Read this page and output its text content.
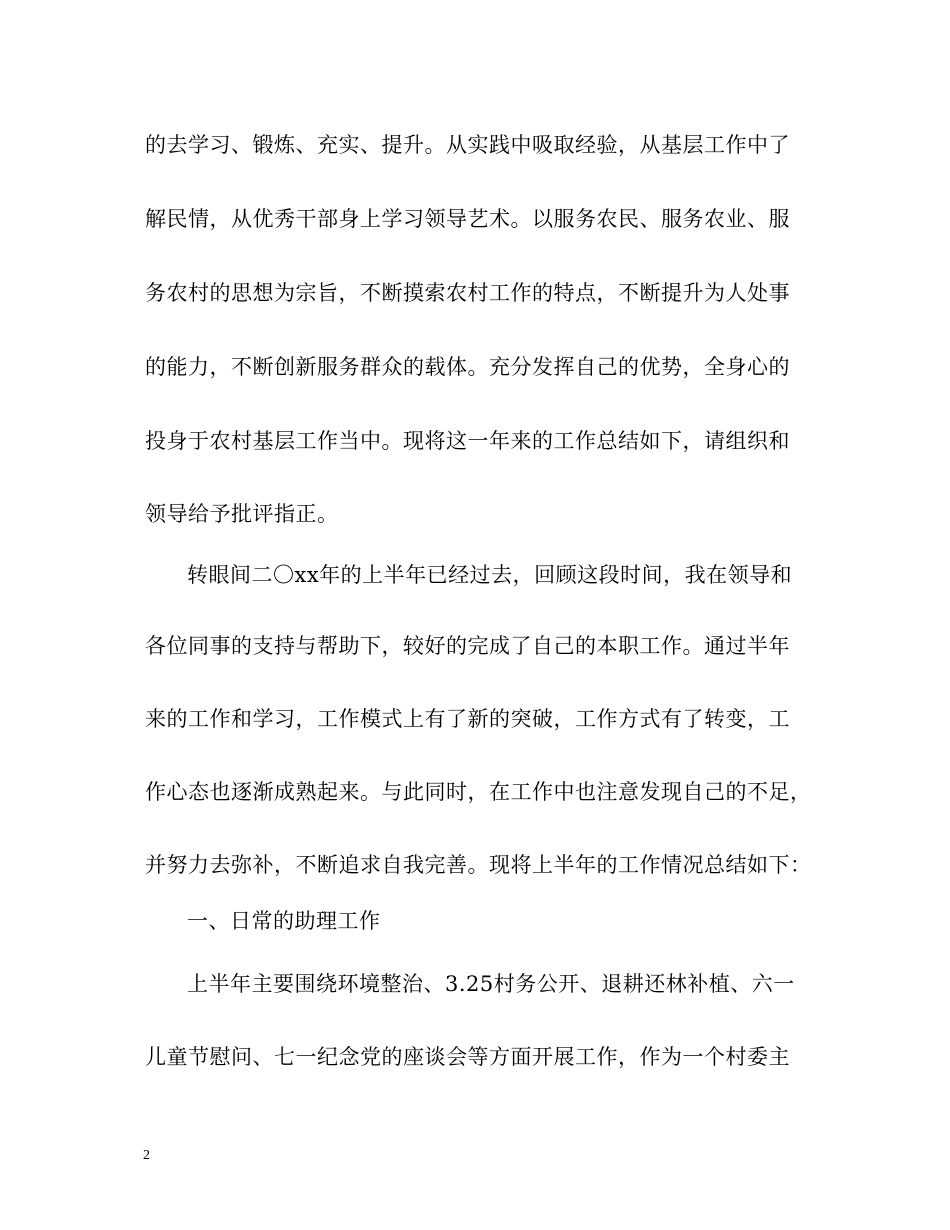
的去学习、锻炼、充实、提升。从实践中吸取经验，从基层工作中了
解民情，从优秀干部身上学习领导艺术。以服务农民、服务农业、服
务农村的思想为宗旨，不断摸索农村工作的特点，不断提升为人处事
的能力，不断创新服务群众的载体。充分发挥自己的优势，全身心的
投身于农村基层工作当中。现将这一年来的工作总结如下，请组织和
领导给予批评指正。
转眼间二〇xx年的上半年已经过去，回顾这段时间，我在领导和
各位同事的支持与帮助下，较好的完成了自己的本职工作。通过半年
来的工作和学习，工作模式上有了新的突破，工作方式有了转变，工
作心态也逐渐成熟起来。与此同时，在工作中也注意发现自己的不足，
并努力去弥补，不断追求自我完善。现将上半年的工作情况总结如下：
一、日常的助理工作
上半年主要围绕环境整治、3.25村务公开、退耕还林补植、六一
儿童节慰问、七一纪念党的座谈会等方面开展工作，作为一个村委主
2
